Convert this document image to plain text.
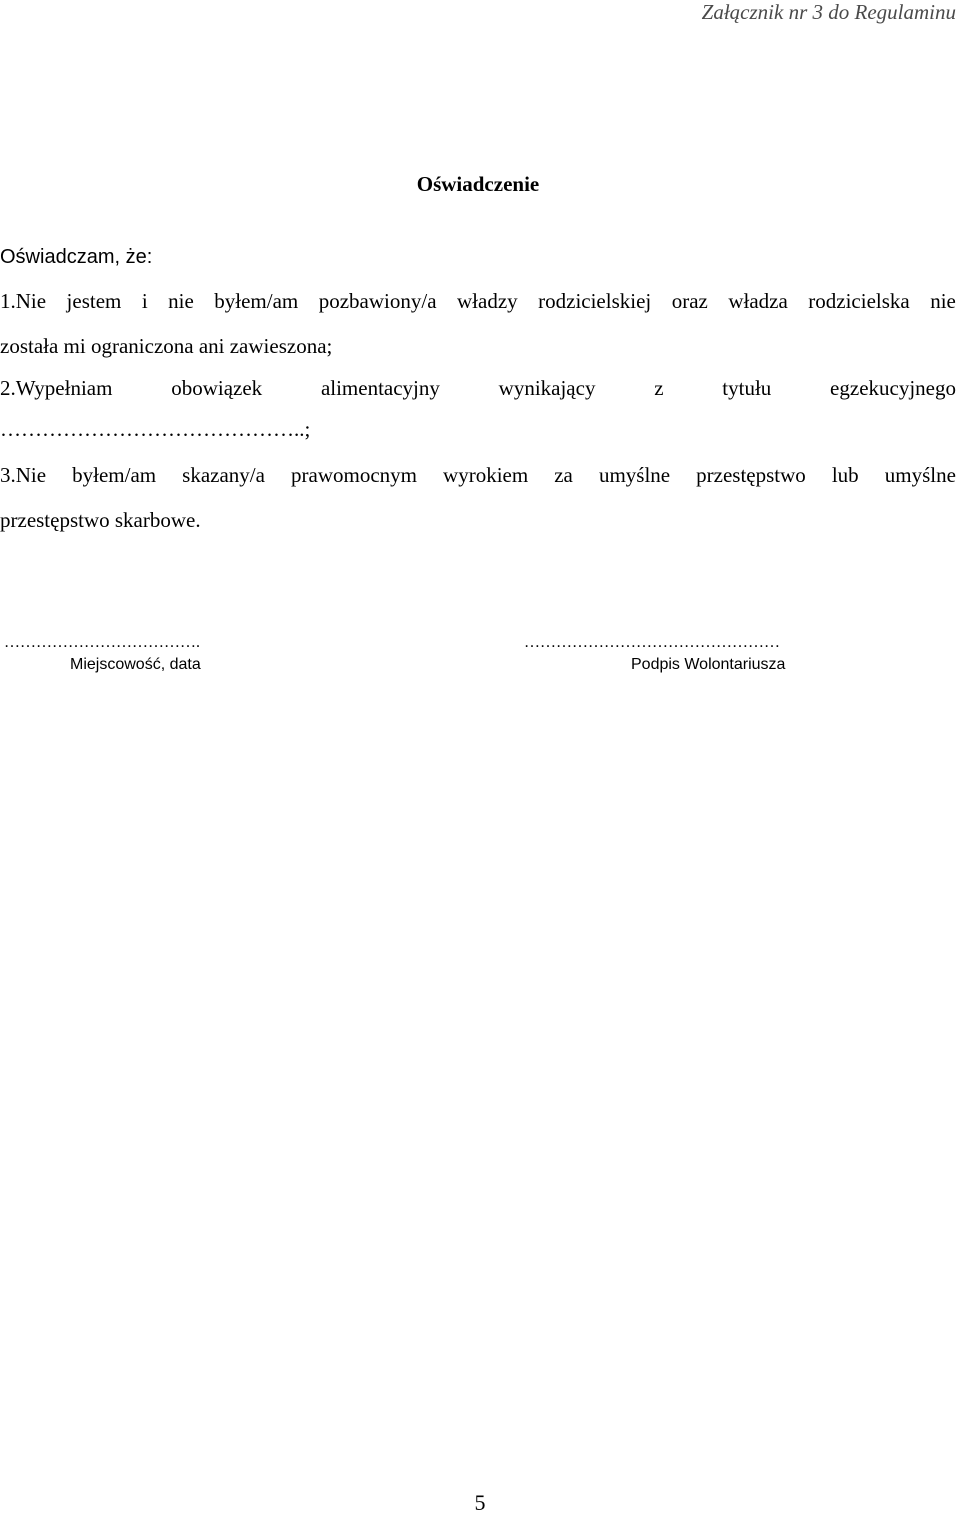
Załącznik nr 3 do Regulaminu
Oświadczenie
Oświadczam, że:
1.Nie jestem i nie byłem/am pozbawiony/a władzy rodzicielskiej oraz władza rodzicielska nie
została mi ograniczona ani zawieszona;
2.Wypełniam	obowiązek	alimentacyjny	wynikający	z	tytułu	egzekucyjnego
……………………………………..;
3.Nie byłem/am skazany/a prawomocnym wyrokiem za umyślne przestępstwo lub umyślne
przestępstwo skarbowe.
……………………………….
Miejscowość, data
…………………………………………
Podpis Wolontariusza
5
